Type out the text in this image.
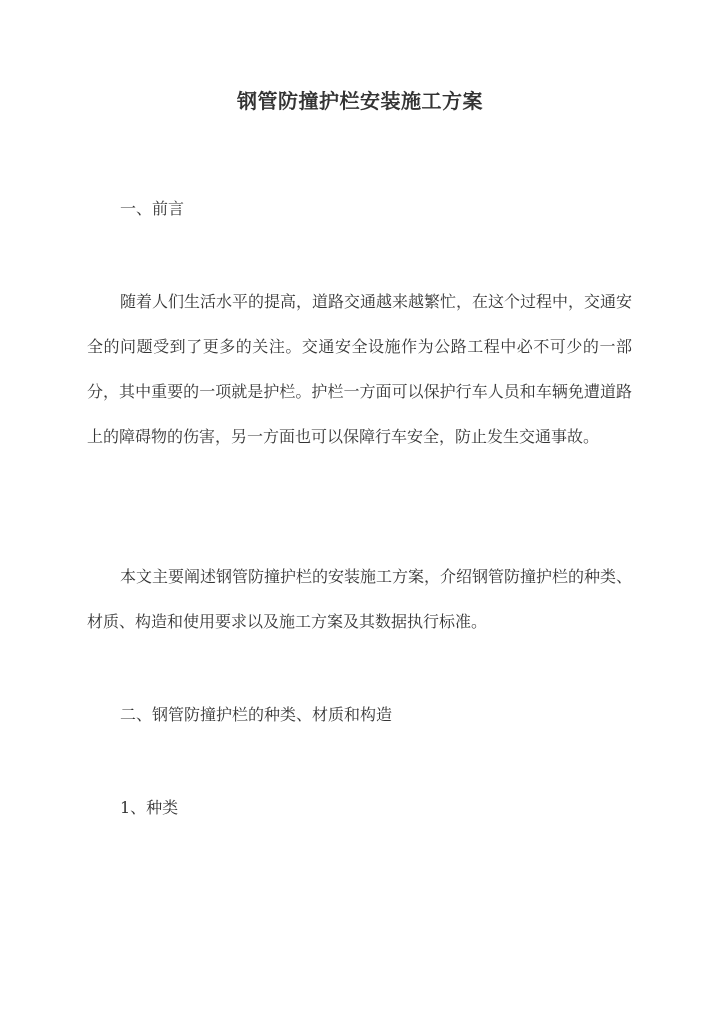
钢管防撞护栏安装施工方案
一、前言

随着人们生活水平的提高，道路交通越来越繁忙，在这个过程中，交通安全的问题受到了更多的关注。交通安全设施作为公路工程中必不可少的一部分，其中重要的一项就是护栏。护栏一方面可以保护行车人员和车辆免遭道路上的障碍物的伤害，另一方面也可以保障行车安全，防止发生交通事故。

本文主要阐述钢管防撞护栏的安装施工方案，介绍钢管防撞护栏的种类、材质、构造和使用要求以及施工方案及其数据执行标准。

二、钢管防撞护栏的种类、材质和构造
1、种类
